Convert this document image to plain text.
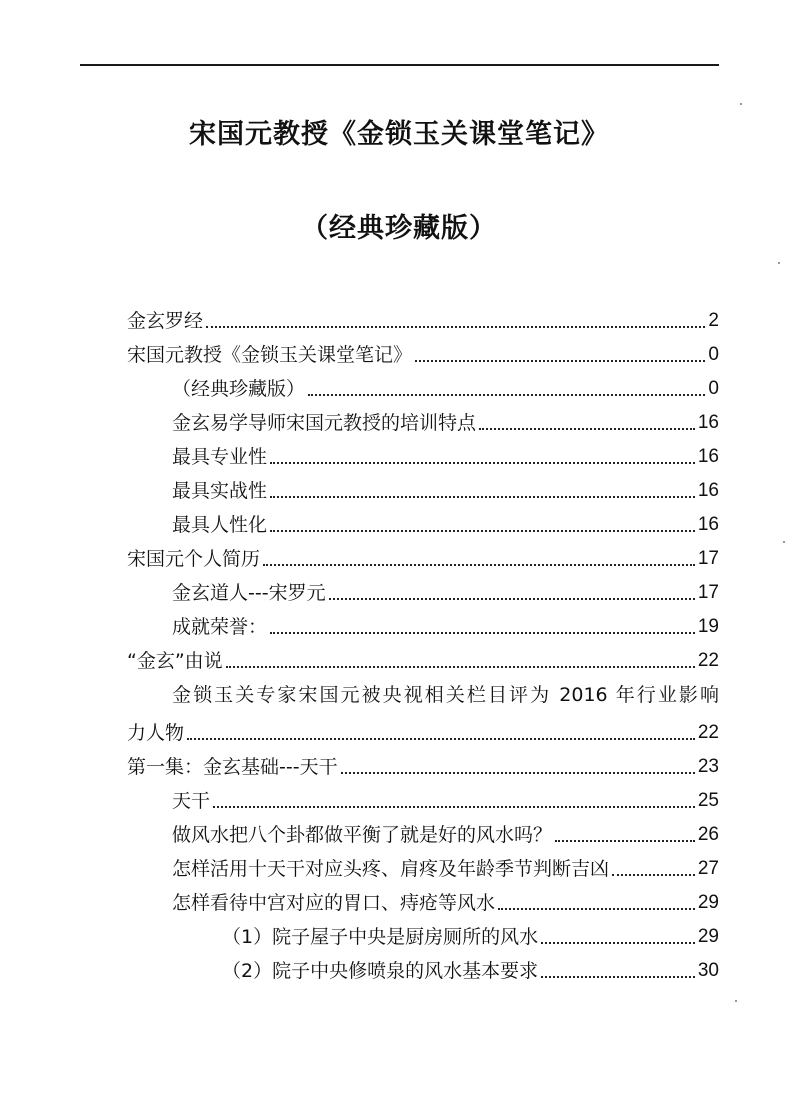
宋国元教授《金锁玉关课堂笔记》
（经典珍藏版）
金玄罗经	2
宋国元教授《金锁玉关课堂笔记》	0
（经典珍藏版）	0
金玄易学导师宋国元教授的培训特点	16
最具专业性	16
最具实战性	16
最具人性化	16
宋国元个人简历	17
金玄道人---宋罗元	17
成就荣誉：	19
“金玄”由说	22
金锁玉关专家宋国元被央视相关栏目评为 2016 年行业影响
力人物	22
第一集：金玄基础---天干	23
天干	25
做风水把八个卦都做平衡了就是好的风水吗？	26
怎样活用十天干对应头疼、肩疼及年龄季节判断吉凶	27
怎样看待中宫对应的胃口、痔疮等风水	29
（1）院子屋子中央是厨房厕所的风水	29
（2）院子中央修喷泉的风水基本要求	30
